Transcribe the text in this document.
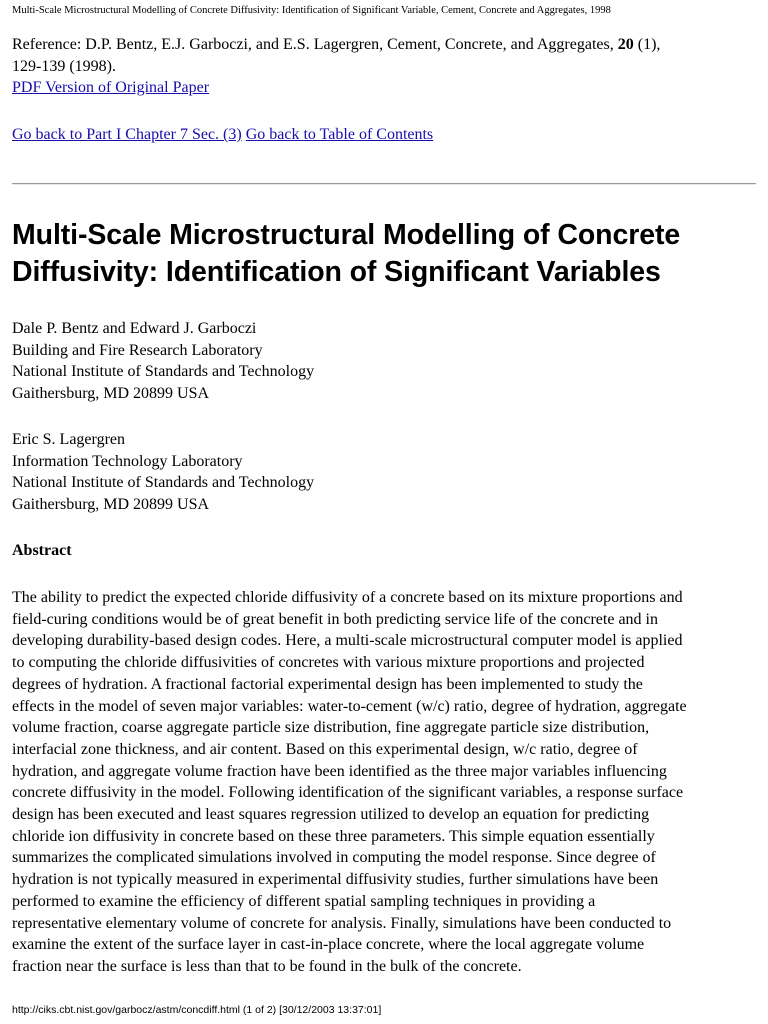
Multi-Scale Microstructural Modelling of Concrete Diffusivity: Identification of Significant Variable, Cement, Concrete and Aggregates, 1998

Reference: D.P. Bentz, E.J. Garboczi, and E.S. Lagergren, Cement, Concrete, and Aggregates, 20 (1),
129-139 (1998).

PDF Version of Original Paper

Go back to Part I Chapter 7 Sec. (3) Go back to Table of Contents
Multi-Scale Microstructural Modelling of Concrete
Diffusivity: Identification of Significant Variables
Dale P. Bentz and Edward J. Garboczi
Building and Fire Research Laboratory
National Institute of Standards and Technology
Gaithersburg, MD 20899 USA
Eric S. Lagergren
Information Technology Laboratory
National Institute of Standards and Technology
Gaithersburg, MD 20899 USA
Abstract

The ability to predict the expected chloride diffusivity of a concrete based on its mixture proportions and
field-curing conditions would be of great benefit in both predicting service life of the concrete and in
developing durability-based design codes. Here, a multi-scale microstructural computer model is applied
to computing the chloride diffusivities of concretes with various mixture proportions and projected
degrees of hydration. A fractional factorial experimental design has been implemented to study the
effects in the model of seven major variables: water-to-cement (w/c) ratio, degree of hydration, aggregate
volume fraction, coarse aggregate particle size distribution, fine aggregate particle size distribution,
interfacial zone thickness, and air content. Based on this experimental design, w/c ratio, degree of
hydration, and aggregate volume fraction have been identified as the three major variables influencing
concrete diffusivity in the model. Following identification of the significant variables, a response surface
design has been executed and least squares regression utilized to develop an equation for predicting
chloride ion diffusivity in concrete based on these three parameters. This simple equation essentially
summarizes the complicated simulations involved in computing the model response. Since degree of
hydration is not typically measured in experimental diffusivity studies, further simulations have been
performed to examine the efficiency of different spatial sampling techniques in providing a
representative elementary volume of concrete for analysis. Finally, simulations have been conducted to
examine the extent of the surface layer in cast-in-place concrete, where the local aggregate volume
fraction near the surface is less than that to be found in the bulk of the concrete.

http://ciks.cbt.nist.gov/garbocz/astm/concdiff.html (1 of 2) [30/12/2003 13:37:01]
